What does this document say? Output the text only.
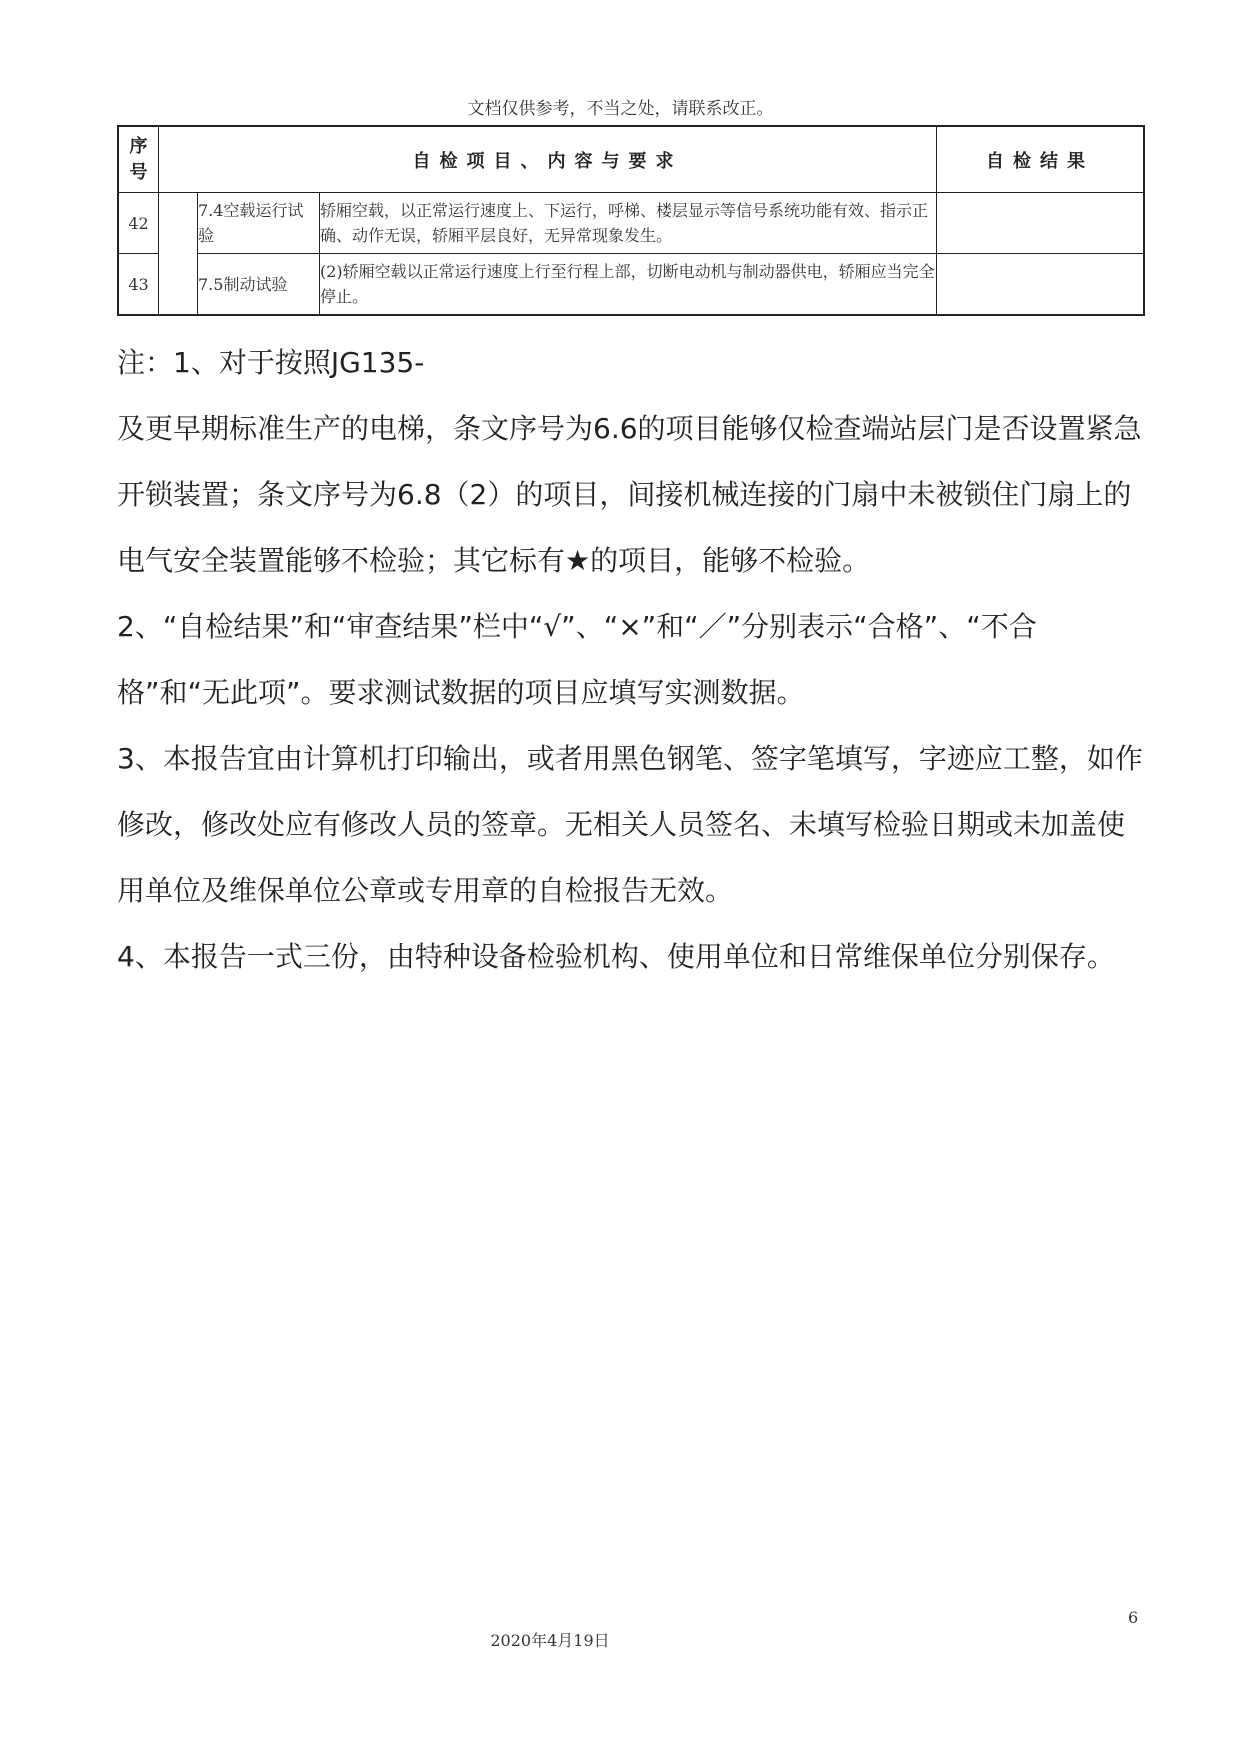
文档仅供参考，不当之处，请联系改正。
序
号	自检项目、内容与要求			自检结果
42		7.4空载运行试验	轿厢空载，以正常运行速度上、下运行，呼梯、楼层显示等信号系统功能有效、指示正确、动作无误，轿厢平层良好，无异常现象发生。	
43		7.5制动试验	(2)轿厢空载以正常运行速度上行至行程上部，切断电动机与制动器供电，轿厢应当完全停止。	

注：1、对于按照JG135-

及更早期标准生产的电梯，条文序号为6.6的项目能够仅检查端站层门是否设置紧急开锁装置；条文序号为6.8（2）的项目，间接机械连接的门扇中未被锁住门扇上的电气安全装置能够不检验；其它标有★的项目，能够不检验。

2、“自检结果”和“审查结果”栏中“√”、“×”和“／”分别表示“合格”、“不合格”和“无此项”。要求测试数据的项目应填写实测数据。

3、本报告宜由计算机打印输出，或者用黑色钢笔、签字笔填写，字迹应工整，如作修改，修改处应有修改人员的签章。无相关人员签名、未填写检验日期或未加盖使用单位及维保单位公章或专用章的自检报告无效。

4、本报告一式三份，由特种设备检验机构、使用单位和日常维保单位分别保存。

6
2020年4月19日
